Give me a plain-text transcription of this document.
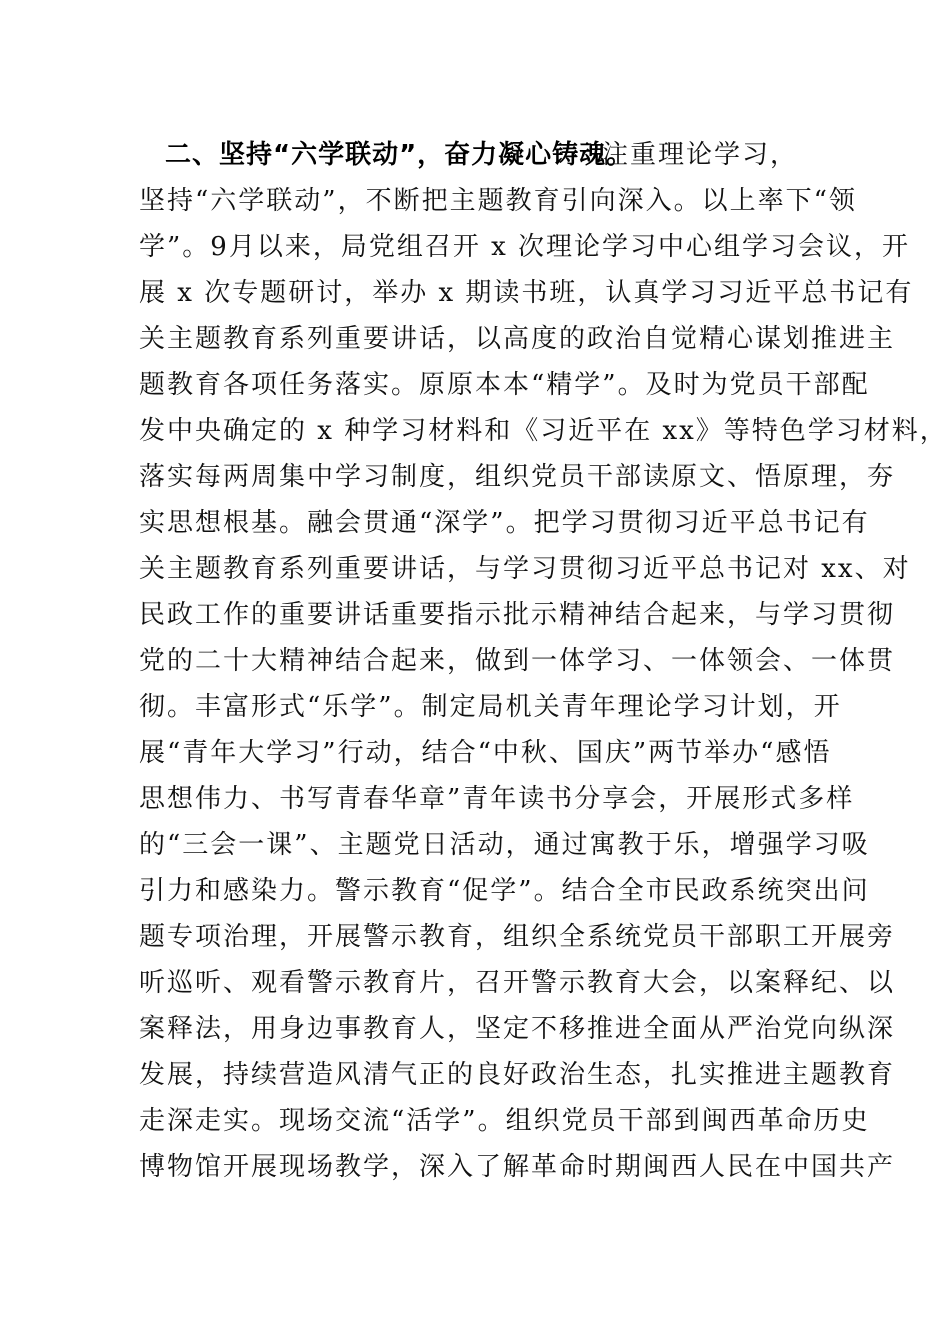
二、坚持“六学联动”，奋力凝心铸魂。
注重理论学习，
坚持“六学联动”，不断把主题教育引向深入。以上率下“领
学”。9月以来，局党组召开 x 次理论学习中心组学习会议，开
展 x 次专题研讨，举办 x 期读书班，认真学习习近平总书记有
关主题教育系列重要讲话，以高度的政治自觉精心谋划推进主
题教育各项任务落实。原原本本“精学”。及时为党员干部配
发中央确定的 x 种学习材料和《习近平在 xx》等特色学习材料，
落实每两周集中学习制度，组织党员干部读原文、悟原理，夯
实思想根基。融会贯通“深学”。把学习贯彻习近平总书记有
关主题教育系列重要讲话，与学习贯彻习近平总书记对 xx、对
民政工作的重要讲话重要指示批示精神结合起来，与学习贯彻
党的二十大精神结合起来，做到一体学习、一体领会、一体贯
彻。丰富形式“乐学”。制定局机关青年理论学习计划，开
展“青年大学习”行动，结合“中秋、国庆”两节举办“感悟
思想伟力、书写青春华章”青年读书分享会，开展形式多样
的“三会一课”、主题党日活动，通过寓教于乐，增强学习吸
引力和感染力。警示教育“促学”。结合全市民政系统突出问
题专项治理，开展警示教育，组织全系统党员干部职工开展旁
听巡听、观看警示教育片，召开警示教育大会，以案释纪、以
案释法，用身边事教育人，坚定不移推进全面从严治党向纵深
发展，持续营造风清气正的良好政治生态，扎实推进主题教育
走深走实。现场交流“活学”。组织党员干部到闽西革命历史
博物馆开展现场教学，深入了解革命时期闽西人民在中国共产
